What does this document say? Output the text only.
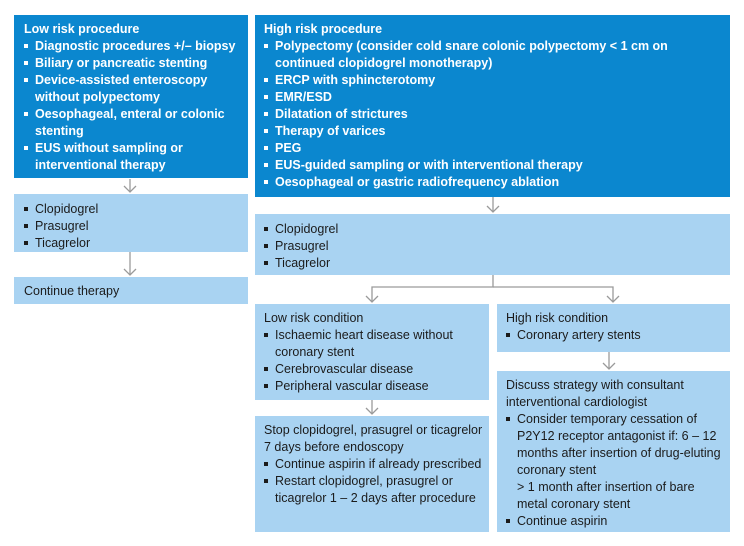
Low risk procedure
Diagnostic procedures +/– biopsy
Biliary or pancreatic stenting
Device-assisted enteroscopy without polypectomy
Oesophageal, enteral or colonic stenting
EUS without sampling or interventional therapy
High risk procedure
Polypectomy (consider cold snare colonic polypectomy < 1 cm on continued clopidogrel monotherapy)
ERCP with sphincterotomy
EMR/ESD
Dilatation of strictures
Therapy of varices
PEG
EUS-guided sampling or with interventional therapy
Oesophageal or gastric radiofrequency ablation
Clopidogrel
Prasugrel
Ticagrelor
Continue therapy
Clopidogrel
Prasugrel
Ticagrelor
Low risk condition
Ischaemic heart disease without coronary stent
Cerebrovascular disease
Peripheral vascular disease
High risk condition
Coronary artery stents
Stop clopidogrel, prasugrel or ticagrelor 7 days before endoscopy
Continue aspirin if already prescribed
Restart clopidogrel, prasugrel or ticagrelor 1 – 2 days after procedure
Discuss strategy with consultant interventional cardiologist
Consider temporary cessation of P2Y12 receptor antagonist if: 6 – 12 months after insertion of drug-eluting coronary stent
> 1 month after insertion of bare metal coronary stent
Continue aspirin
